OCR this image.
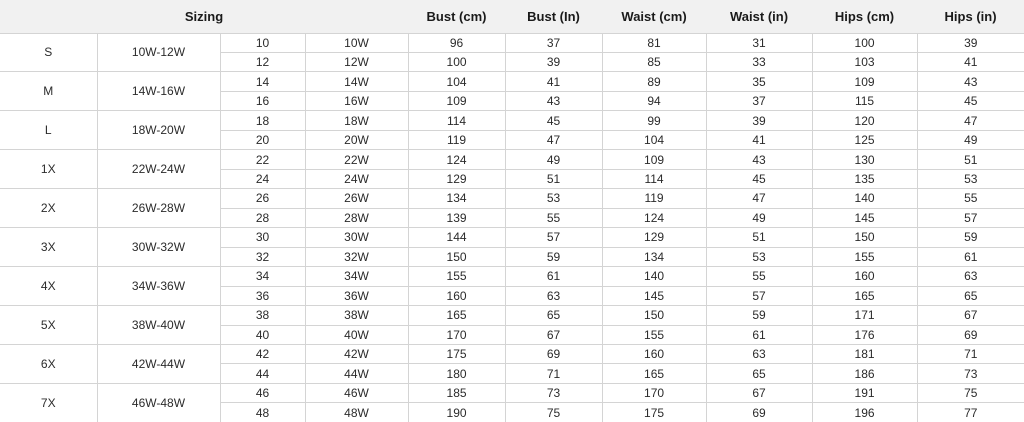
Sizing				Bust (cm)	Bust (In)	Waist (cm)	Waist (in)	Hips (cm)	Hips (in)
S	10W-12W	10	10W	96	37	81	31	100	39
		12	12W	100	39	85	33	103	41
M	14W-16W	14	14W	104	41	89	35	109	43
		16	16W	109	43	94	37	115	45
L	18W-20W	18	18W	114	45	99	39	120	47
		20	20W	119	47	104	41	125	49
1X	22W-24W	22	22W	124	49	109	43	130	51
		24	24W	129	51	114	45	135	53
2X	26W-28W	26	26W	134	53	119	47	140	55
		28	28W	139	55	124	49	145	57
3X	30W-32W	30	30W	144	57	129	51	150	59
		32	32W	150	59	134	53	155	61
4X	34W-36W	34	34W	155	61	140	55	160	63
		36	36W	160	63	145	57	165	65
5X	38W-40W	38	38W	165	65	150	59	171	67
		40	40W	170	67	155	61	176	69
6X	42W-44W	42	42W	175	69	160	63	181	71
		44	44W	180	71	165	65	186	73
7X	46W-48W	46	46W	185	73	170	67	191	75
		48	48W	190	75	175	69	196	77
